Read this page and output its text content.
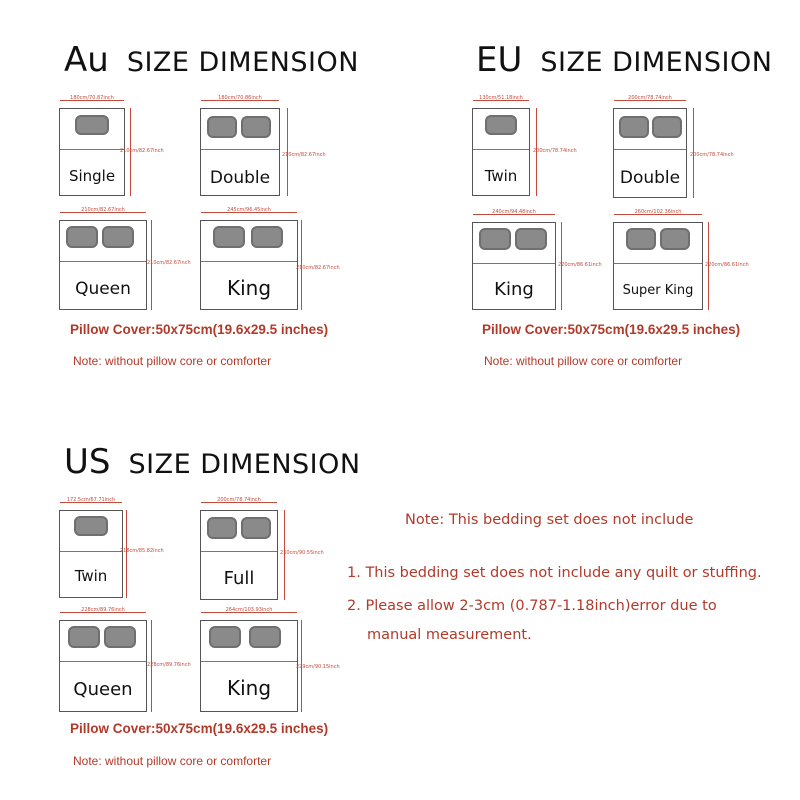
Au SIZE DIMENSION
180cm/70.87inch
Single
210cm/82.67inch
180cm/70.86inch
Double
210cm/82.67inch
210cm/82.67inch
Queen
210cm/82.67inch
245cm/96.45inch
King
210cm/82.67inch
Pillow Cover:50x75cm(19.6x29.5 inches)
Note: without pillow core or comforter
EU SIZE DIMENSION
130cm/51.18inch
Twin
200cm/78.74inch
200cm/78.74inch
Double
200cm/78.74inch
240cm/94.48inch
King
220cm/86.61inch
260cm/102.36inch
Super King
220cm/86.61inch
Pillow Cover:50x75cm(19.6x29.5 inches)
Note: without pillow core or comforter
US SIZE DIMENSION
172.5cm/67.71inch
Twin
218cm/85.82inch
200cm/78.74inch
Full
230cm/90.55inch
228cm/89.76inch
Queen
228cm/89.76inch
264cm/103.93inch
King
229cm/90.15inch
Pillow Cover:50x75cm(19.6x29.5 inches)
Note: without pillow core or comforter
Note: This bedding set does not include
1. This bedding set does not include any quilt or stuffing.
2. Please allow 2-3cm (0.787-1.18inch)error due to
manual measurement.
